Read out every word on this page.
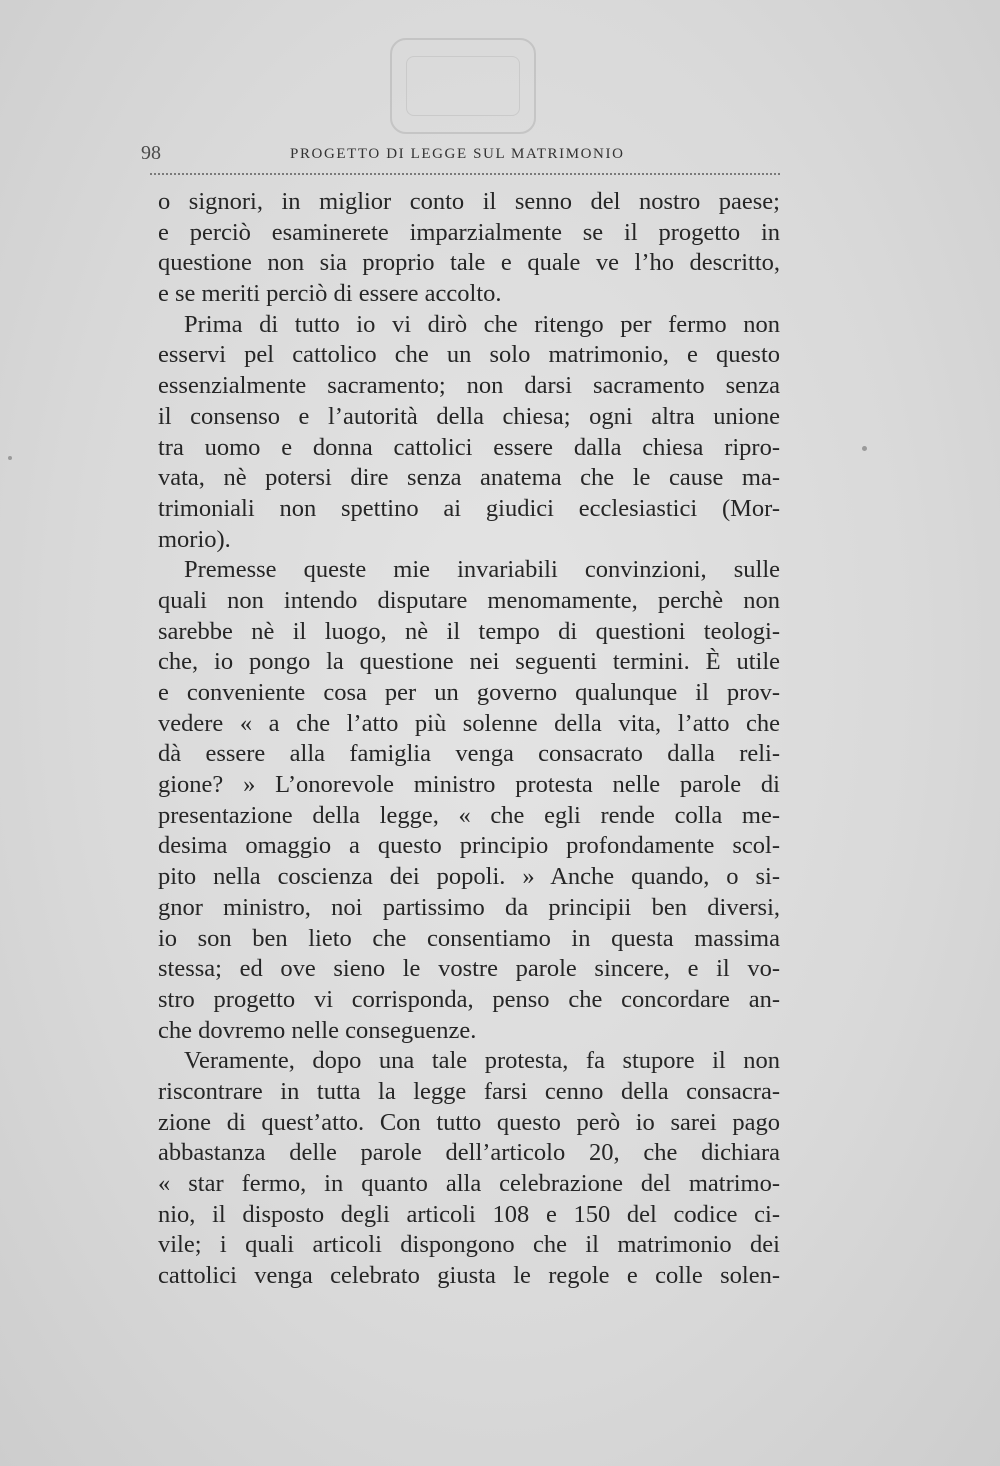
98	PROGETTO DI LEGGE SUL MATRIMONIO
o signori, in miglior conto il senno del nostro paese;
e perciò esaminerete imparzialmente se il progetto in
questione non sia proprio tale e quale ve l’ho descritto,
e se meriti perciò di essere accolto.
Prima di tutto io vi dirò che ritengo per fermo non
esservi pel cattolico che un solo matrimonio, e questo
essenzialmente sacramento; non darsi sacramento senza
il consenso e l’autorità della chiesa; ogni altra unione
tra uomo e donna cattolici essere dalla chiesa ripro-
vata, nè potersi dire senza anatema che le cause ma-
trimoniali non spettino ai giudici ecclesiastici (Mor-
morio).
Premesse queste mie invariabili convinzioni, sulle
quali non intendo disputare menomamente, perchè non
sarebbe nè il luogo, nè il tempo di questioni teologi-
che, io pongo la questione nei seguenti termini. È utile
e conveniente cosa per un governo qualunque il prov-
vedere « a che l’atto più solenne della vita, l’atto che
dà essere alla famiglia venga consacrato dalla reli-
gione? » L’onorevole ministro protesta nelle parole di
presentazione della legge, « che egli rende colla me-
desima omaggio a questo principio profondamente scol-
pito nella coscienza dei popoli. » Anche quando, o si-
gnor ministro, noi partissimo da principii ben diversi,
io son ben lieto che consentiamo in questa massima
stessa; ed ove sieno le vostre parole sincere, e il vo-
stro progetto vi corrisponda, penso che concordare an-
che dovremo nelle conseguenze.
Veramente, dopo una tale protesta, fa stupore il non
riscontrare in tutta la legge farsi cenno della consacra-
zione di quest’atto. Con tutto questo però io sarei pago
abbastanza delle parole dell’articolo 20, che dichiara
« star fermo, in quanto alla celebrazione del matrimo-
nio, il disposto degli articoli 108 e 150 del codice ci-
vile; i quali articoli dispongono che il matrimonio dei
cattolici venga celebrato giusta le regole e colle solen-
